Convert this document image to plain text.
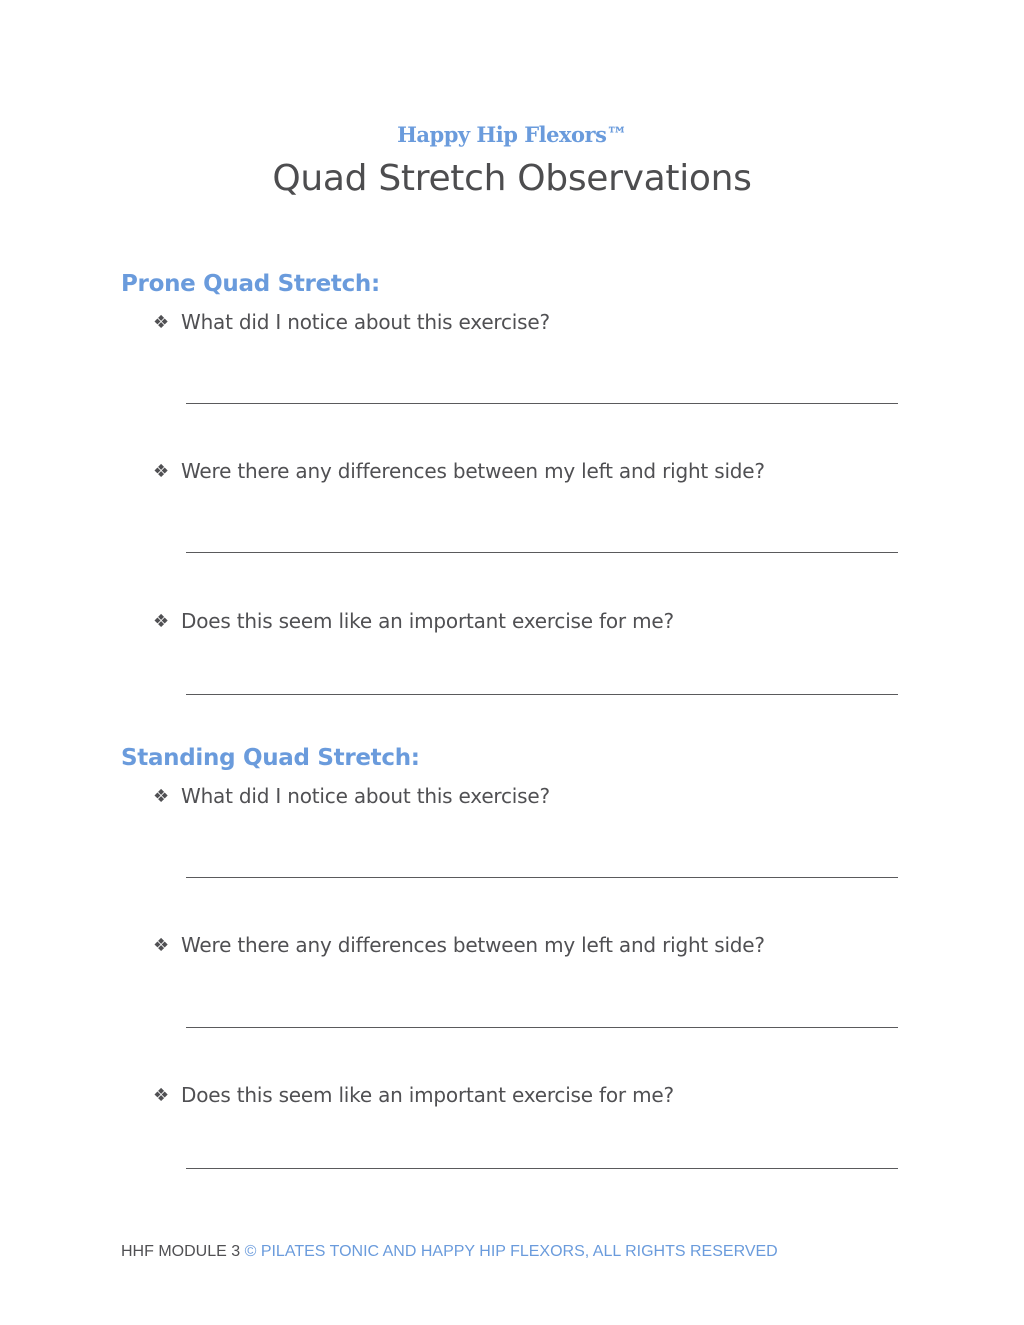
Happy Hip Flexors™
Quad Stretch Observations
Prone Quad Stretch:
❖ What did I notice about this exercise?
❖ Were there any differences between my left and right side?
❖ Does this seem like an important exercise for me?
Standing Quad Stretch:
❖ What did I notice about this exercise?
❖ Were there any differences between my left and right side?
❖ Does this seem like an important exercise for me?
HHF MODULE 3 © PILATES TONIC AND HAPPY HIP FLEXORS, ALL RIGHTS RESERVED
